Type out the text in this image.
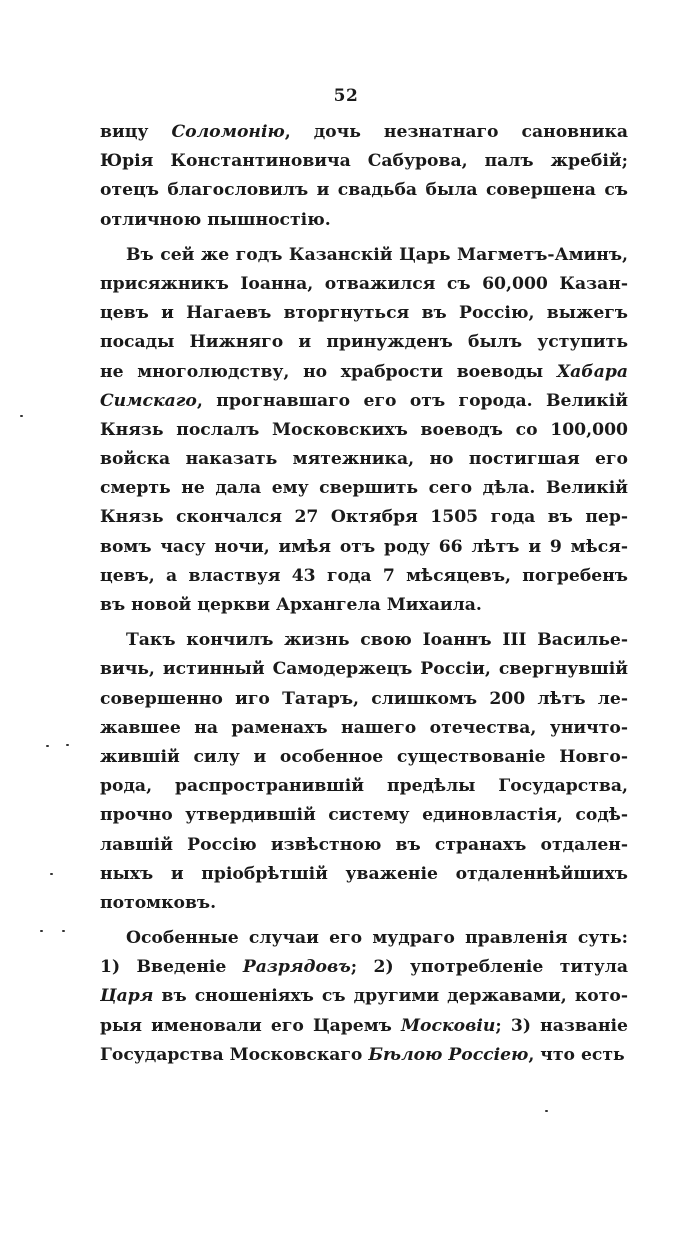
52
вицу Соломонію, дочь незнатнаго сановника
Юрія Константиновича Сабурова, палъ жребій;
отецъ благословилъ и свадьба была совершена съ
отличною пышностію.
Въ сей же годъ Казанскій Царь Магметъ-Аминъ,
присяжникъ Іоанна, отважился съ 60,000 Казан-
цевъ и Нагаевъ вторгнуться въ Россію, выжегъ
посады Нижняго и принужденъ былъ уступить
не многолюдству, но храбрости воеводы Хабара
Симскаго, прогнавшаго его отъ города. Великій
Князь послалъ Московскихъ воеводъ со 100,000
войска наказать мятежника, но постигшая его
смерть не дала ему свершить сего дѣла. Великій
Князь скончался 27 Октября 1505 года въ пер-
вомъ часу ночи, имѣя отъ роду 66 лѣтъ и 9 мѣся-
цевъ, а властвуя 43 года 7 мѣсяцевъ, погребенъ
въ новой церкви Архангела Михаила.
Такъ кончилъ жизнь свою Іоаннъ III Василье-
вичь, истинный Самодержецъ Россіи, свергнувшій
совершенно иго Татаръ, слишкомъ 200 лѣтъ ле-
жавшее на раменахъ нашего отечества, уничто-
жившій силу и особенное существованіе Новго-
рода, распространившій предѣлы Государства,
прочно утвердившій систему единовластія, содѣ-
лавшій Россію извѣстною въ странахъ отдален-
ныхъ и пріобрѣтшій уваженіе отдаленнѣйшихъ
потомковъ.
Особенные случаи его мудраго правленія суть:
1) Введеніе Разрядовъ; 2) употребленіе титула
Царя въ сношеніяхъ съ другими державами, кото-
рыя именовали его Царемъ Московіи; 3) названіе
Государства Московскаго Бѣлою Россіею, что есть
